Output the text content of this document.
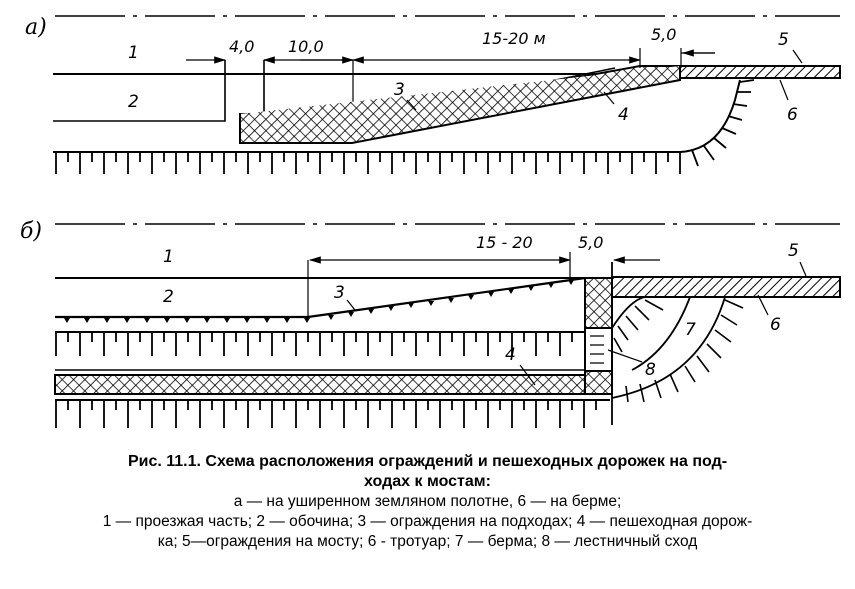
а)
1
2
3
4
5
6
4,0 10,0	15-20 м	5,0
б)
1
2	3
4
5
6
7
8
15 - 20	5,0
Рис. 11.1. Схема расположения ограждений и пешеходных дорожек на под-
ходах к мостам:
а — на уширенном земляном полотне, 6 — на берме;
1 — проезжая часть; 2 — обочина; 3 — ограждения на подходах; 4 — пешеходная дорож-
ка; 5—ограждения на мосту; 6 - тротуар; 7 — берма; 8 — лестничный сход
